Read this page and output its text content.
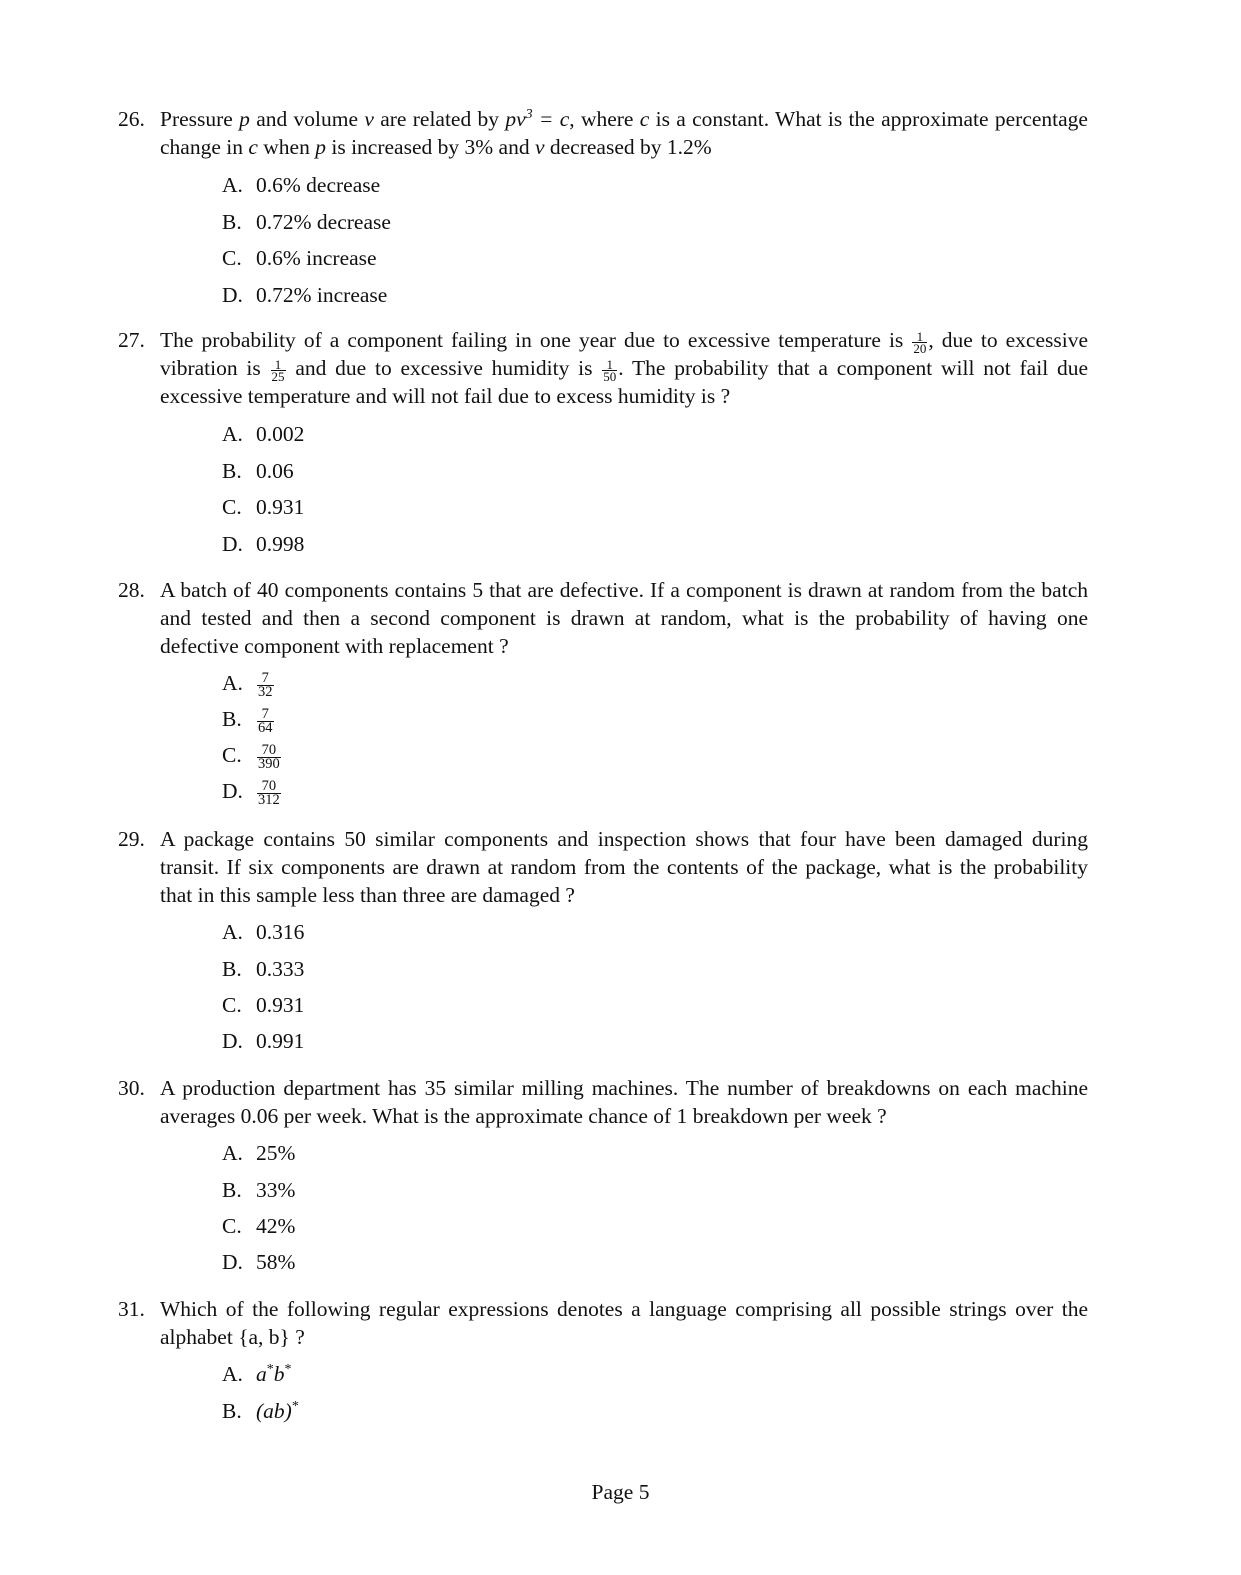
26. Pressure p and volume v are related by $pv^3 = c$, where c is a constant. What is the approximate percentage change in c when p is increased by 3% and v decreased by 1.2%
A. 0.6% decrease
B. 0.72% decrease
C. 0.6% increase
D. 0.72% increase
27. The probability of a component failing in one year due to excessive temperature is $\frac{1}{20}$ , due to excessive vibration is $\frac{1}{25}$ and due to excessive humidity is $\frac{1}{50}$ . The probability that a component will not fail due excessive temperature and will not fail due to excess humidity is ?
A. 0.002
B. 0.06
C. 0.931
D. 0.998
28. A batch of 40 components contains 5 that are defective. If a component is drawn at random from the batch and tested and then a second component is drawn at random, what is the probability of having one defective component with replacement ?
A. $\frac{7}{32}$
B. $\frac{7}{64}$
C. $\frac{70}{390}$
D. $\frac{70}{312}$
29. A package contains 50 similar components and inspection shows that four have been damaged during transit. If six components are drawn at random from the contents of the package, what is the probability that in this sample less than three are damaged ?
A. 0.316
B. 0.333
C. 0.931
D. 0.991
30. A production department has 35 similar milling machines. The number of breakdowns on each machine averages 0.06 per week. What is the approximate chance of 1 breakdown per week ?
A. 25%
B. 33%
C. 42%
D. 58%
31. Which of the following regular expressions denotes a language comprising all possible strings over the alphabet {a, b} ?
A. a*b*
B. (ab)*
Page 5
